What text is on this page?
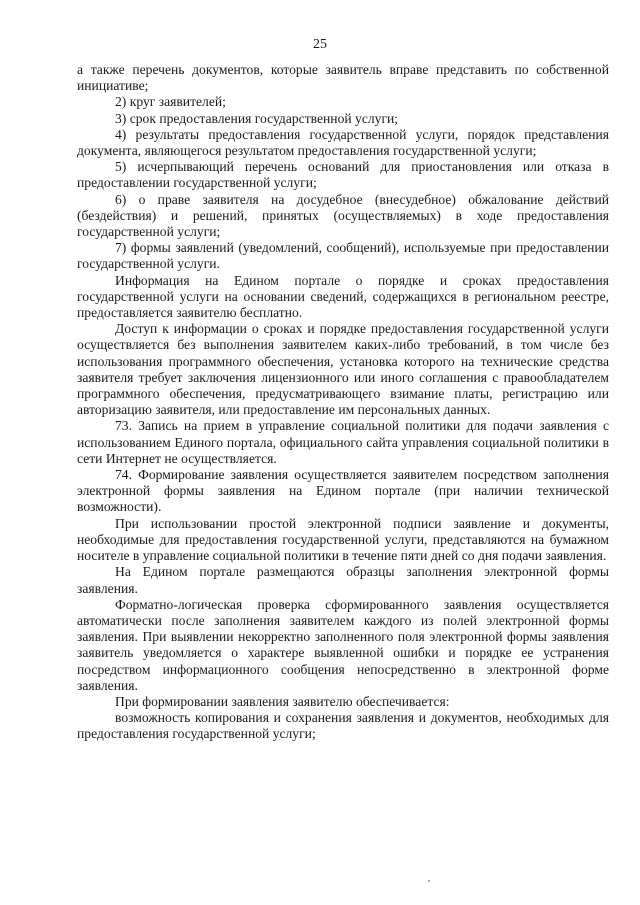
25

а также перечень документов, которые заявитель вправе представить по собственной инициативе;

2) круг заявителей;

3) срок предоставления государственной услуги;

4) результаты предоставления государственной услуги, порядок представления документа, являющегося результатом предоставления государственной услуги;

5) исчерпывающий перечень оснований для приостановления или отказа в предоставлении государственной услуги;

6) о праве заявителя на досудебное (внесудебное) обжалование действий (бездействия) и решений, принятых (осуществляемых) в ходе предоставления государственной услуги;

7) формы заявлений (уведомлений, сообщений), используемые при предоставлении государственной услуги.

Информация на Едином портале о порядке и сроках предоставления государственной услуги на основании сведений, содержащихся в региональном реестре, предоставляется заявителю бесплатно.

Доступ к информации о сроках и порядке предоставления государственной услуги осуществляется без выполнения заявителем каких-либо требований, в том числе без использования программного обеспечения, установка которого на технические средства заявителя требует заключения лицензионного или иного соглашения с правообладателем программного обеспечения, предусматривающего взимание платы, регистрацию или авторизацию заявителя, или предоставление им персональных данных.

73. Запись на прием в управление социальной политики для подачи заявления с использованием Единого портала, официального сайта управления социальной политики в сети Интернет не осуществляется.

74. Формирование заявления осуществляется заявителем посредством заполнения электронной формы заявления на Едином портале (при наличии технической возможности).

При использовании простой электронной подписи заявление и документы, необходимые для предоставления государственной услуги, представляются на бумажном носителе в управление социальной политики в течение пяти дней со дня подачи заявления.

На Едином портале размещаются образцы заполнения электронной формы заявления.

Форматно-логическая проверка сформированного заявления осуществляется автоматически после заполнения заявителем каждого из полей электронной формы заявления. При выявлении некорректно заполненного поля электронной формы заявления заявитель уведомляется о характере выявленной ошибки и порядке ее устранения посредством информационного сообщения непосредственно в электронной форме заявления.

При формировании заявления заявителю обеспечивается:

возможность копирования и сохранения заявления и документов, необходимых для предоставления государственной услуги;
